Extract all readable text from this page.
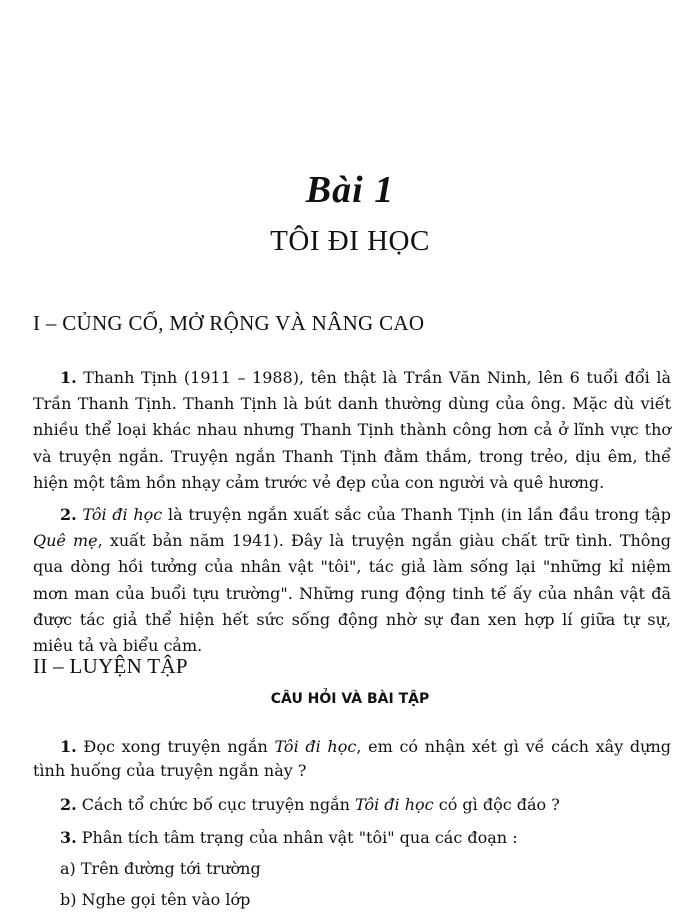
Bài 1
TÔI ĐI HỌC
I – CỦNG CỐ, MỞ RỘNG VÀ NÂNG CAO

1. Thanh Tịnh (1911 – 1988), tên thật là Trần Văn Ninh, lên 6 tuổi đổi là Trần Thanh Tịnh. Thanh Tịnh là bút danh thường dùng của ông. Mặc dù viết nhiều thể loại khác nhau nhưng Thanh Tịnh thành công hơn cả ở lĩnh vực thơ và truyện ngắn. Truyện ngắn Thanh Tịnh đằm thắm, trong trẻo, dịu êm, thể hiện một tâm hồn nhạy cảm trước vẻ đẹp của con người và quê hương.

2. Tôi đi học là truyện ngắn xuất sắc của Thanh Tịnh (in lần đầu trong tập Quê mẹ, xuất bản năm 1941). Đây là truyện ngắn giàu chất trữ tình. Thông qua dòng hồi tưởng của nhân vật "tôi", tác giả làm sống lại "những kỉ niệm mơn man của buổi tựu trường". Những rung động tinh tế ấy của nhân vật đã được tác giả thể hiện hết sức sống động nhờ sự đan xen hợp lí giữa tự sự, miêu tả và biểu cảm.

II – LUYỆN TẬP
CÂU HỎI VÀ BÀI TẬP

1. Đọc xong truyện ngắn Tôi đi học, em có nhận xét gì về cách xây dựng tình huống của truyện ngắn này ?

2. Cách tổ chức bố cục truyện ngắn Tôi đi học có gì độc đáo ?

3. Phân tích tâm trạng của nhân vật "tôi" qua các đoạn :

a) Trên đường tới trường

b) Nghe gọi tên vào lớp
